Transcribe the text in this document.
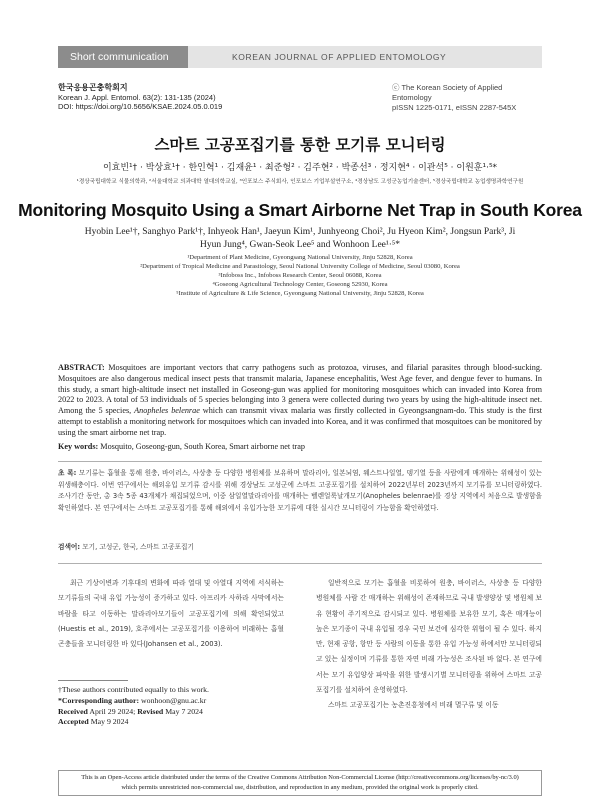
Short communication	KOREAN JOURNAL OF APPLIED ENTOMOLOGY
한국응용곤충학회지
Korean J. Appl. Entomol. 63(2): 131-135 (2024)
DOI: https://doi.org/10.5656/KSAE.2024.05.0.019
ⓒ The Korean Society of Applied Entomology
pISSN 1225-0171, eISSN 2287-545X
스마트 고공포집기를 통한 모기류 모니터링
이효빈¹† · 박상효¹† · 한인혁¹ · 김재윤¹ · 최준형² · 김주현² · 박종선³ · 정지현⁴ · 이관석⁵ · 이원훈¹·⁵*
¹경상국립대학교 식물의학과, ²서울대학교 의과대학 열대의학교실, ³인포보스 주식회사, 인포보스 기업부설연구소, ⁴경상남도 고성군농업기술센터, ⁵경상국립대학교 농업생명과학연구원
Monitoring Mosquito Using a Smart Airborne Net Trap in South Korea
Hyobin Lee¹†, Sanghyo Park¹†, Inhyeok Han¹, Jaeyun Kim¹, Junhyeong Choi², Ju Hyeon Kim², Jongsun Park³, Ji Hyun Jung⁴, Gwan-Seok Lee⁵ and Wonhoon Lee¹·⁵*
¹Department of Plant Medicine, Gyeongsang National University, Jinju 52828, Korea
²Department of Tropical Medicine and Parasitology, Seoul National University College of Medicine, Seoul 03080, Korea
³Infoboss Inc., Infoboss Research Center, Seoul 06088, Korea
⁴Goseong Agricultural Technology Center, Goseong 52930, Korea
⁵Institute of Agriculture & Life Science, Gyeongsang National University, Jinju 52828, Korea
ABSTRACT: Mosquitoes are important vectors that carry pathogens such as protozoa, viruses, and filarial parasites through blood-sucking. Mosquitoes are also dangerous medical insect pests that transmit malaria, Japanese encephalitis, West Age fever, and dengue fever to humans. In this study, a smart high-altitude insect net installed in Goseong-gun was applied for monitoring mosquitoes which can invaded into Korea from 2022 to 2023. A total of 53 individuals of 5 species belonging into 3 genera were collected during two years by using the high-altitude insect net. Among the 5 species, Anopheles belenrae which can transmit vivax malaria was firstly collected in Gyeongsangnam-do. This study is the first attempt to establish a monitoring network for mosquitoes which can invaded into Korea, and it was confirmed that mosquitoes can be monitored by using the smart airborne net trap.
Key words: Mosquito, Goseong-gun, South Korea, Smart airborne net trap
초 록: 모기류는 흡혈을 통해 원충, 바이러스, 사상충 등 다양한 병원체를 보유하며 말라리아, 일본뇌염, 웨스트나일열, 뎅기열 등을 사람에게 매개하는 위해성이 있는 위생해충이다. 이번 연구에서는 해외유입 모기류 감시를 위해 경상남도 고성군에 스마트 고공포집기를 설치하여 2022년부터 2023년까지 모기류를 모니터링하였다. 조사기간 동안, 총 3속 5종 43개체가 채집되었으며, 이중 삼일열말라리아를 매개하는 벨렌얼룩날개모기(Anopheles belenrae)를 경상 지역에서 처음으로 발생함을 확인하였다. 본 연구에서는 스마트 고공포집기를 통해 해외에서 유입가능한 모기류에 대한 실시간 모니터링이 가능함을 확인하였다.
검색어: 모기, 고성군, 한국, 스마트 고공포집기

최근 기상이변과 기후대의 변화에 따라 열대 및 아열대 지역에 서식하는 모기류들의 국내 유입 가능성이 증가하고 있다. 아프리카 사하라 사막에서는 바람을 타고 이동하는 말라리아모기들이 고공포집기에 의해 확인되었고(Huestis et al., 2019), 호주에서는 고공포집기를 이용하여 비래하는 흡혈곤충들을 모니터링한 바 있다(Johansen et al., 2003).

일반적으로 모기는 흡혈을 비롯하여 원충, 바이러스, 사상충 등 다양한 병원체를 사람 간 매개하는 위해성이 존재하므로 국내 발생양상 및 병원체 보유 현황이 주기적으로 감시되고 있다. 병원체를 보유한 모기, 혹은 매개능이 높은 모기종이 국내 유입될 경우 국민 보건에 심각한 위협이 될 수 있다. 하지만, 현재 공항, 항만 등 사람의 이동을 통한 유입 가능성 하에서만 모니터링되고 있는 실정이며 기류를 통한 자연 비래 가능성은 조사된 바 없다. 본 연구에서는 모기 유입양상 파악을 위한 발생시기별 모니터링을 위하여 스마트 고공포집기를 설치하여 운영하였다.

스마트 고공포집기는 농촌진흥청에서 비래 멸구류 및 이동

†These authors contributed equally to this work.
*Corresponding author: wonhoon@gnu.ac.kr
Received April 29 2024; Revised May 7 2024
Accepted May 9 2024
This is an Open-Access article distributed under the terms of the Creative Commons Attribution Non-Commercial License (http://creativecommons.org/licenses/by-nc/3.0)
which permits unrestricted non-commercial use, distribution, and reproduction in any medium, provided the original work is properly cited.
